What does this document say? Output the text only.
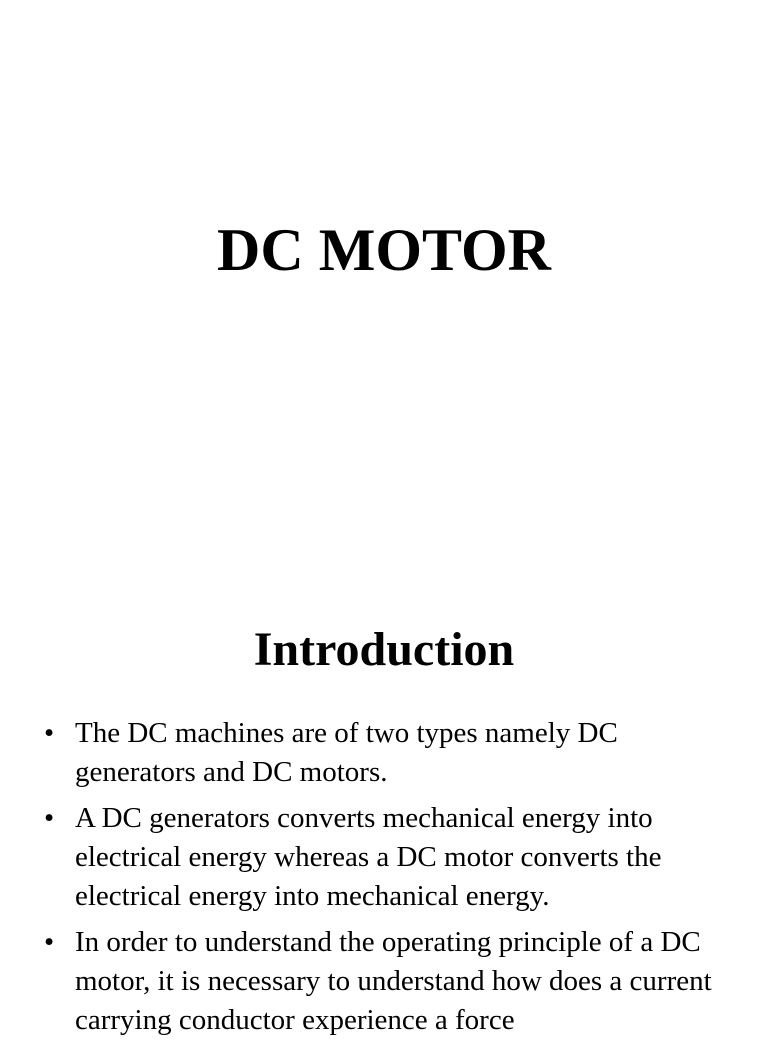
DC MOTOR
Introduction
• The DC machines are of two types namely DC generators and DC motors.
• A DC generators converts mechanical energy into electrical energy whereas a DC motor converts the electrical energy into mechanical energy.
• In order to understand the operating principle of a DC motor, it is necessary to understand how does a current carrying conductor experience a force
